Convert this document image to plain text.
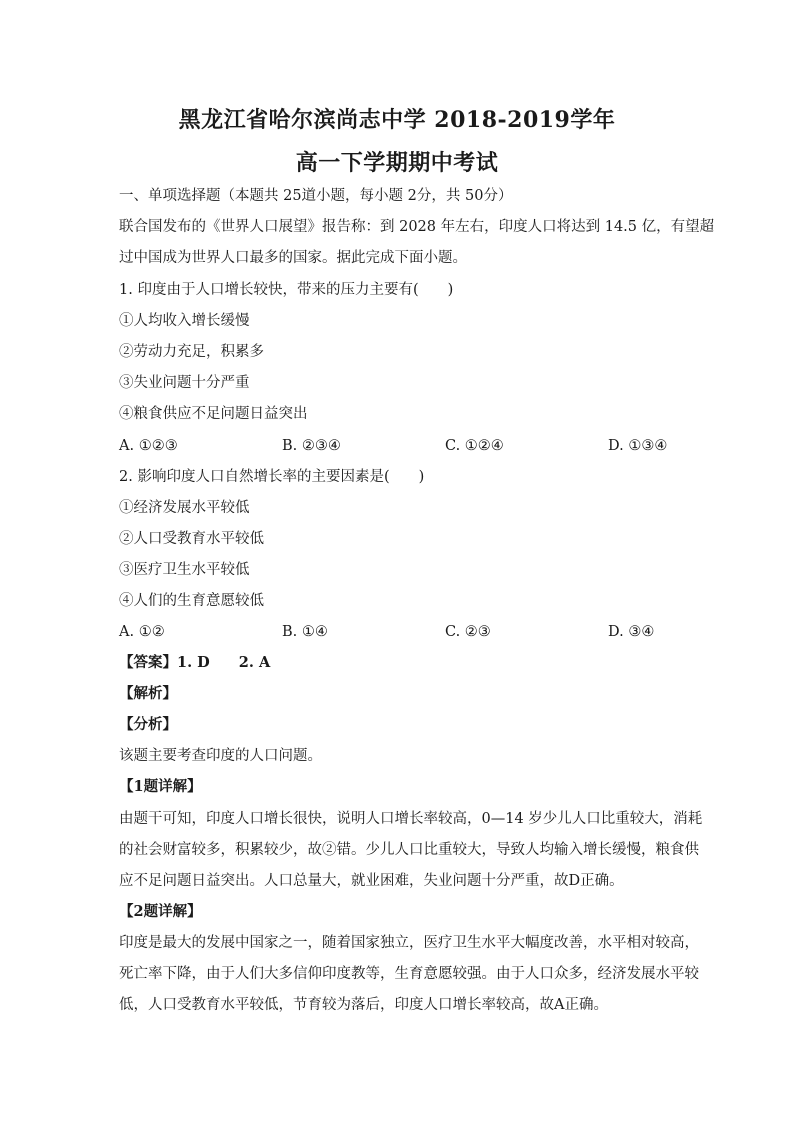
黑龙江省哈尔滨尚志中学 2018-2019学年
高一下学期期中考试
一、单项选择题（本题共 25道小题，每小题 2分，共 50分）
联合国发布的《世界人口展望》报告称：到 2028 年左右，印度人口将达到 14.5 亿，有望超
过中国成为世界人口最多的国家。据此完成下面小题。
1. 印度由于人口增长较快，带来的压力主要有(　　)
①人均收入增长缓慢
②劳动力充足，积累多
③失业问题十分严重
④粮食供应不足问题日益突出
A. ①②③	B. ②③④	C. ①②④	D. ①③④
2. 影响印度人口自然增长率的主要因素是(　　)
①经济发展水平较低
②人口受教育水平较低
③医疗卫生水平较低
④人们的生育意愿较低
A. ①②	B. ①④	C. ②③	D. ③④
【答案】1. D　　2. A
【解析】
【分析】
该题主要考查印度的人口问题。
【1题详解】
由题干可知，印度人口增长很快，说明人口增长率较高，0—14 岁少儿人口比重较大，消耗
的社会财富较多，积累较少，故②错。少儿人口比重较大，导致人均输入增长缓慢，粮食供
应不足问题日益突出。人口总量大，就业困难，失业问题十分严重，故D正确。
【2题详解】
印度是最大的发展中国家之一，随着国家独立，医疗卫生水平大幅度改善，水平相对较高，
死亡率下降，由于人们大多信仰印度教等，生育意愿较强。由于人口众多，经济发展水平较
低，人口受教育水平较低，节育较为落后，印度人口增长率较高，故A正确。
